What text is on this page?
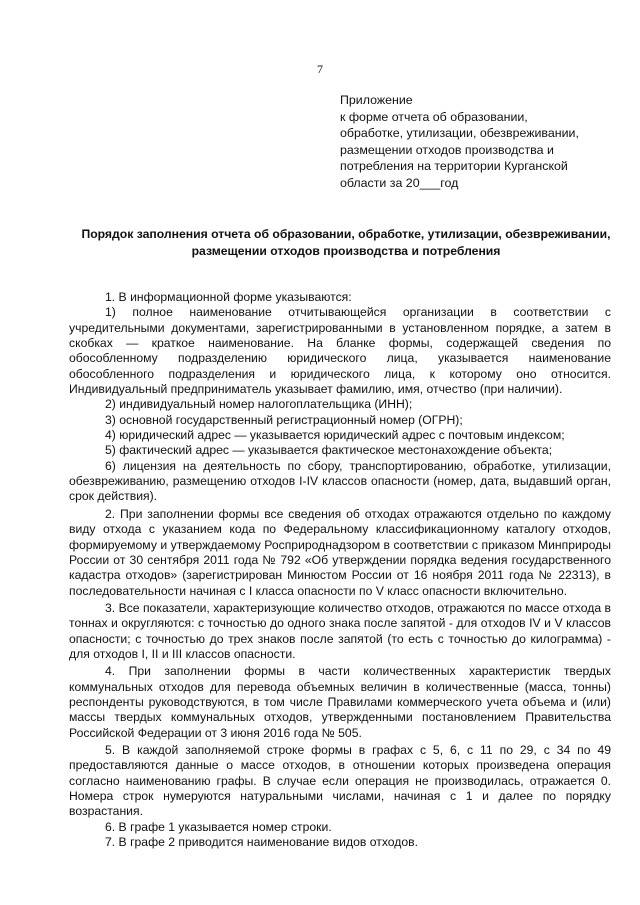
7
Приложение
к форме отчета об образовании,
обработке, утилизации, обезвреживании,
размещении отходов производства и
потребления на территории Курганской
области за 20___год
Порядок заполнения отчета об образовании, обработке, утилизации, обезвреживании, размещении отходов производства и потребления

1. В информационной форме указываются:

1) полное наименование отчитывающейся организации в соответствии с учредительными документами, зарегистрированными в установленном порядке, а затем в скобках — краткое наименование. На бланке формы, содержащей сведения по обособленному подразделению юридического лица, указывается наименование обособленного подразделения и юридического лица, к которому оно относится. Индивидуальный предприниматель указывает фамилию, имя, отчество (при наличии).

2) индивидуальный номер налогоплательщика (ИНН);

3) основной государственный регистрационный номер (ОГРН);

4) юридический адрес — указывается юридический адрес с почтовым индексом;

5) фактический адрес — указывается фактическое местонахождение объекта;

6) лицензия на деятельность по сбору, транспортированию, обработке, утилизации, обезвреживанию, размещению отходов I-IV классов опасности (номер, дата, выдавший орган, срок действия).

2. При заполнении формы все сведения об отходах отражаются отдельно по каждому виду отхода с указанием кода по Федеральному классификационному каталогу отходов, формируемому и утверждаемому Росприроднадзором в соответствии с приказом Минприроды России от 30 сентября 2011 года № 792 «Об утверждении порядка ведения государственного кадастра отходов» (зарегистрирован Минюстом России от 16 ноября 2011 года № 22313), в последовательности начиная с I класса опасности по V класс опасности включительно.

3. Все показатели, характеризующие количество отходов, отражаются по массе отхода в тоннах и округляются: с точностью до одного знака после запятой - для отходов IV и V классов опасности; с точностью до трех знаков после запятой (то есть с точностью до килограмма) - для отходов I, II и III классов опасности.

4. При заполнении формы в части количественных характеристик твердых коммунальных отходов для перевода объемных величин в количественные (масса, тонны) респонденты руководствуются, в том числе Правилами коммерческого учета объема и (или) массы твердых коммунальных отходов, утвержденными постановлением Правительства Российской Федерации от 3 июня 2016 года № 505.

5. В каждой заполняемой строке формы в графах с 5, 6, с 11 по 29, с 34 по 49 предоставляются данные о массе отходов, в отношении которых произведена операция согласно наименованию графы. В случае если операция не производилась, отражается 0. Номера строк нумеруются натуральными числами, начиная с 1 и далее по порядку возрастания.

6. В графе 1 указывается номер строки.

7. В графе 2 приводится наименование видов отходов.
